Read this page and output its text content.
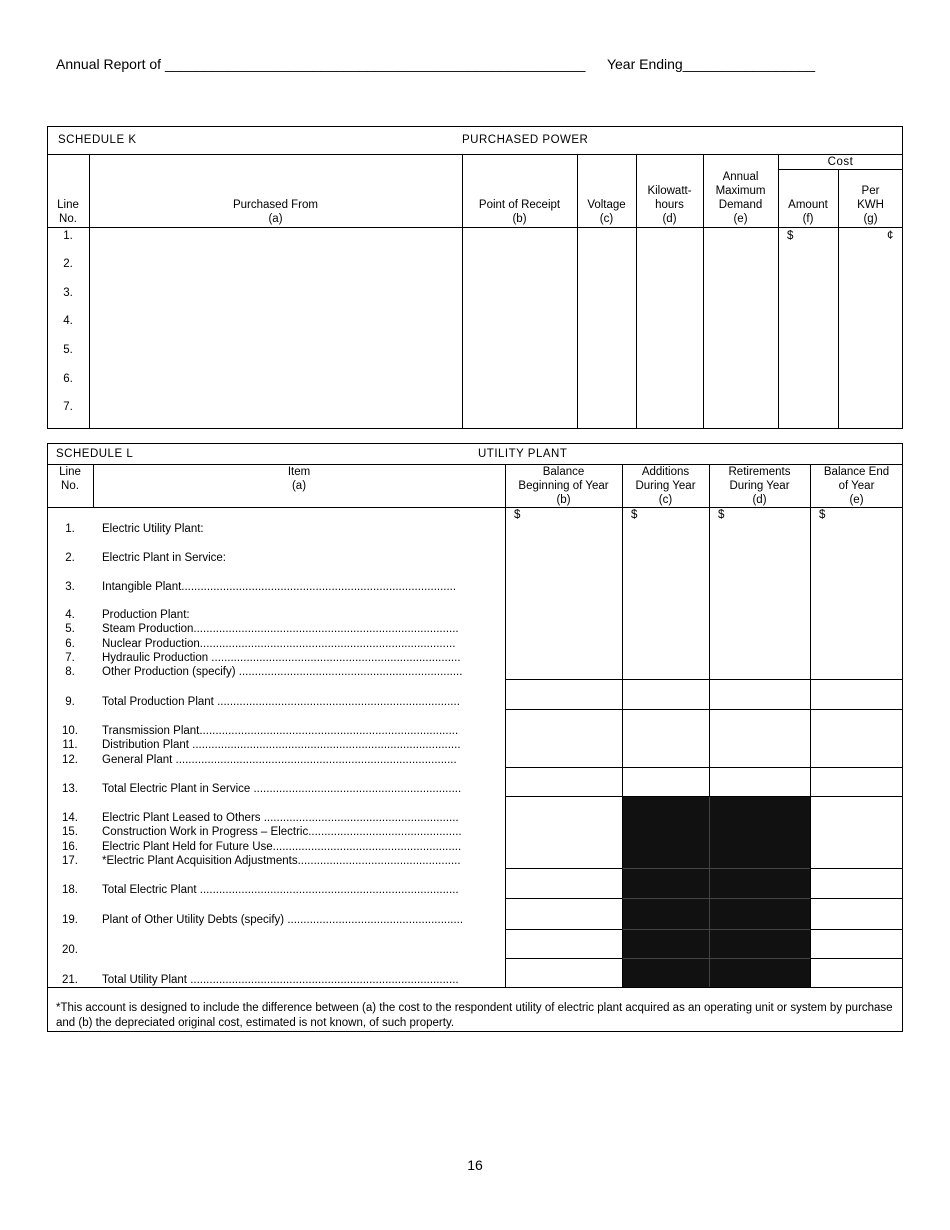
Annual Report of ______________________________________________________ Year Ending_________________
SCHEDULE K	PURCHASED POWER
Line
No.
Purchased From
(a)
Point of Receipt
(b)
Voltage
(c)
Kilowatt-
hours
(d)
Annual
Maximum
Demand
(e)
Cost
Amount
(f)
Per
KWH
(g)
$	¢
1.
2.
3.
4.
5.
6.
7.
SCHEDULE L	UTILITY PLANT
Line
No.
Item
(a)
Balance
Beginning of Year
(b)
Additions
During Year
(c)
Retirements
During Year
(d)
Balance End
of Year
(e)
$	$	$	$
1.	Electric Utility Plant:
2.	Electric Plant in Service:
3.	Intangible Plant......................................................................................
4.	Production Plant:
5.	Steam Production...................................................................................
6.	Nuclear Production................................................................................
7.	Hydraulic Production ..............................................................................
8.	Other Production (specify) ......................................................................
9.	Total Production Plant ............................................................................
10.	Transmission Plant.................................................................................
11.	Distribution Plant ....................................................................................
12.	General Plant ........................................................................................
13.	Total Electric Plant in Service .................................................................
14.	Electric Plant Leased to Others .............................................................
15.	Construction Work in Progress – Electric................................................
16.	Electric Plant Held for Future Use...........................................................
17.	*Electric Plant Acquisition Adjustments...................................................
18.	Total Electric Plant .................................................................................
19.	Plant of Other Utility Debts (specify) .......................................................
20.
21.	Total Utility Plant ....................................................................................
*This account is designed to include the difference between (a) the cost to the respondent utility of electric plant acquired as an operating unit or system by purchase and (b) the depreciated original cost, estimated is not known, of such property.
16
